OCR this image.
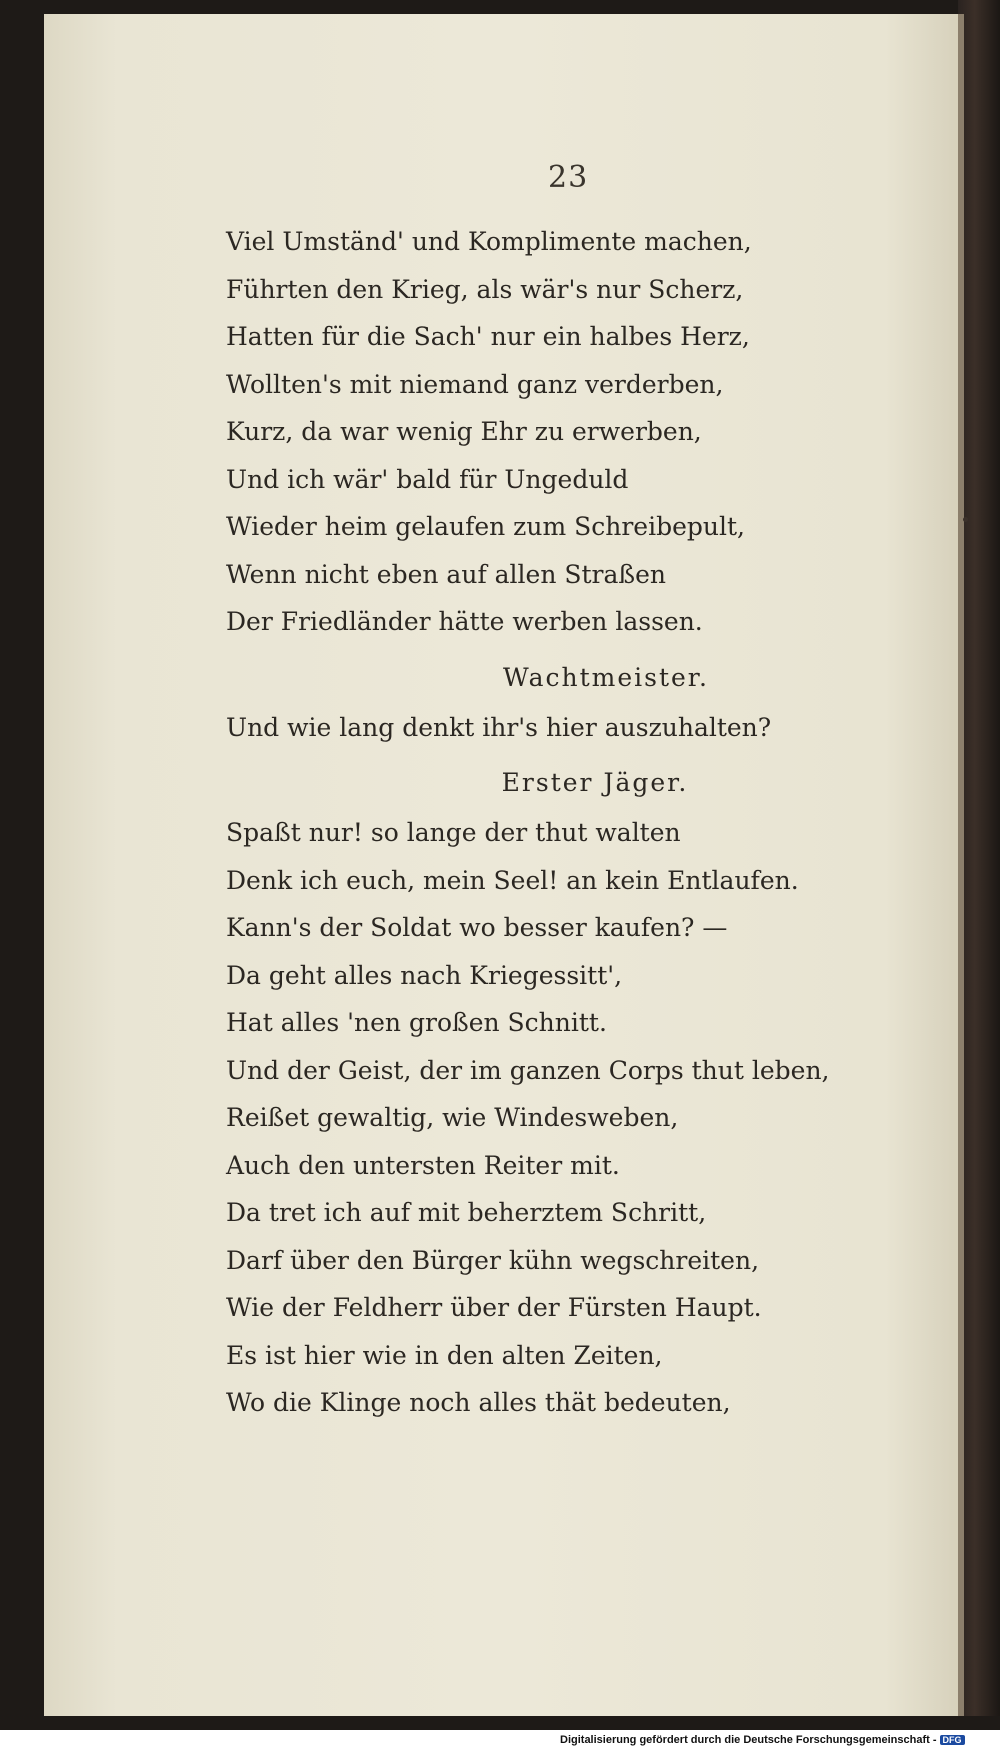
23
Viel Umständ' und Komplimente machen,
Führten den Krieg, als wär's nur Scherz,
Hatten für die Sach' nur ein halbes Herz,
Wollten's mit niemand ganz verderben,
Kurz, da war wenig Ehr zu erwerben,
Und ich wär' bald für Ungeduld
Wieder heim gelaufen zum Schreibepult,
Wenn nicht eben auf allen Straßen
Der Friedländer hätte werben lassen.
Wachtmeister.
Und wie lang denkt ihr's hier auszuhalten?
Erster Jäger.
Spaßt nur! so lange der thut walten
Denk ich euch, mein Seel! an kein Entlaufen.
Kann's der Soldat wo besser kaufen? —
Da geht alles nach Kriegessitt',
Hat alles 'nen großen Schnitt.
Und der Geist, der im ganzen Corps thut leben,
Reißet gewaltig, wie Windesweben,
Auch den untersten Reiter mit.
Da tret ich auf mit beherztem Schritt,
Darf über den Bürger kühn wegschreiten,
Wie der Feldherr über der Fürsten Haupt.
Es ist hier wie in den alten Zeiten,
Wo die Klinge noch alles thät bedeuten,
Digitalisierung gefördert durch die Deutsche Forschungsgemeinschaft - DFG
